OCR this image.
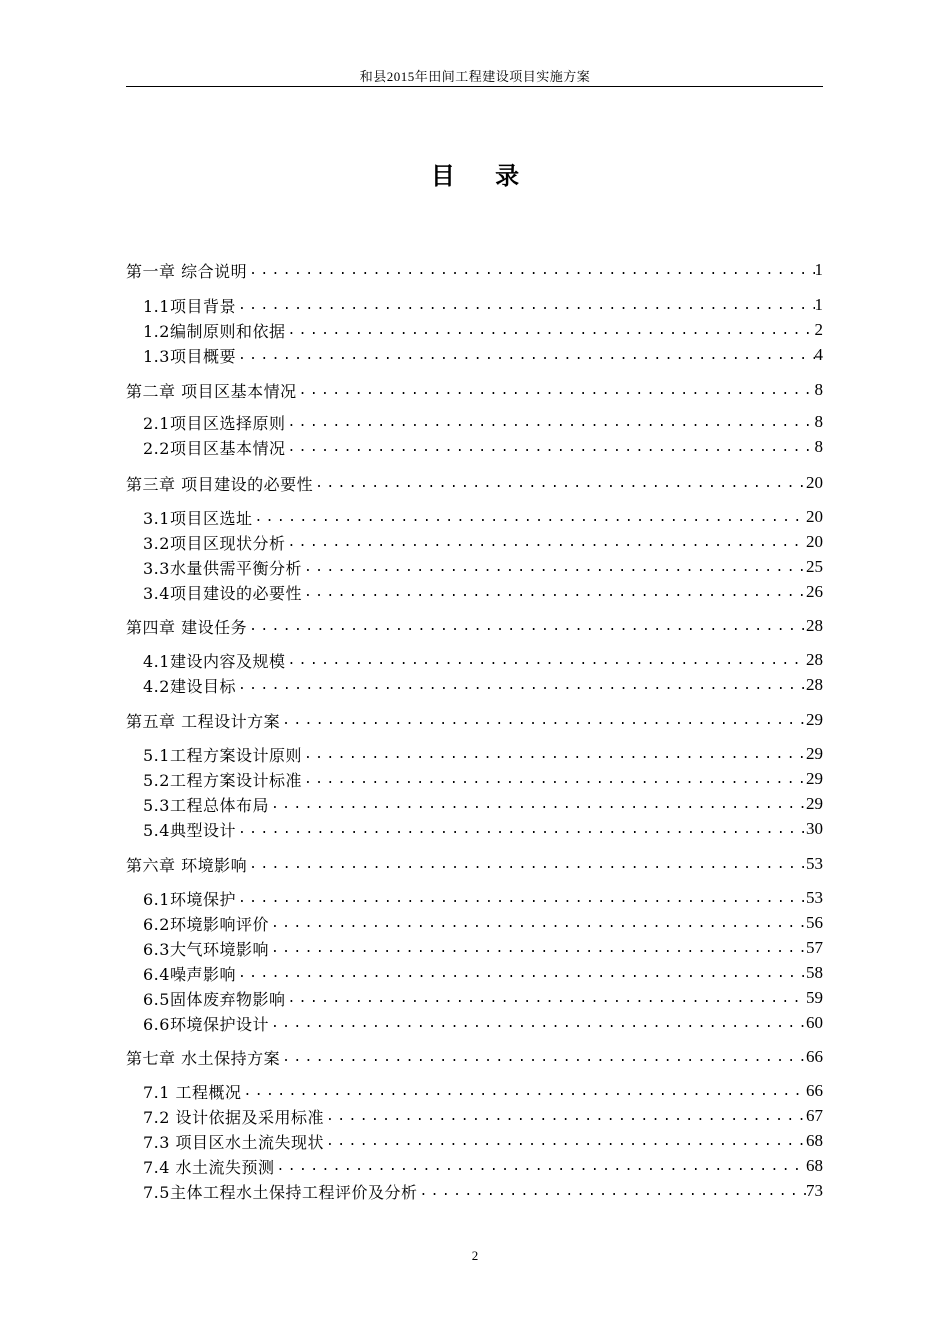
和县2015年田间工程建设项目实施方案
目 录
第一章 综合说明 .....	1
1.1项目背景 .....	1
1.2编制原则和依据 .....	2
1.3项目概要 .....	4
第二章 项目区基本情况 .....	8
2.1项目区选择原则 .....	8
2.2项目区基本情况 .....	8
第三章 项目建设的必要性 .....	20
3.1项目区选址 .....	20
3.2项目区现状分析 .....	20
3.3水量供需平衡分析 .....	25
3.4项目建设的必要性 .....	26
第四章 建设任务 .....	28
4.1建设内容及规模 .....	28
4.2建设目标 .....	28
第五章 工程设计方案 .....	29
5.1工程方案设计原则 .....	29
5.2工程方案设计标准 .....	29
5.3工程总体布局 .....	29
5.4典型设计 .....	30
第六章 环境影响 .....	53
6.1环境保护 .....	53
6.2环境影响评价 .....	56
6.3大气环境影响 .....	57
6.4噪声影响 .....	58
6.5固体废弃物影响 .....	59
6.6环境保护设计 .....	60
第七章 水土保持方案 .....	66
7.1 工程概况 .....	66
7.2 设计依据及采用标准 .....	67
7.3 项目区水土流失现状 .....	68
7.4 水土流失预测 .....	68
7.5主体工程水土保持工程评价及分析 .....	73
2
